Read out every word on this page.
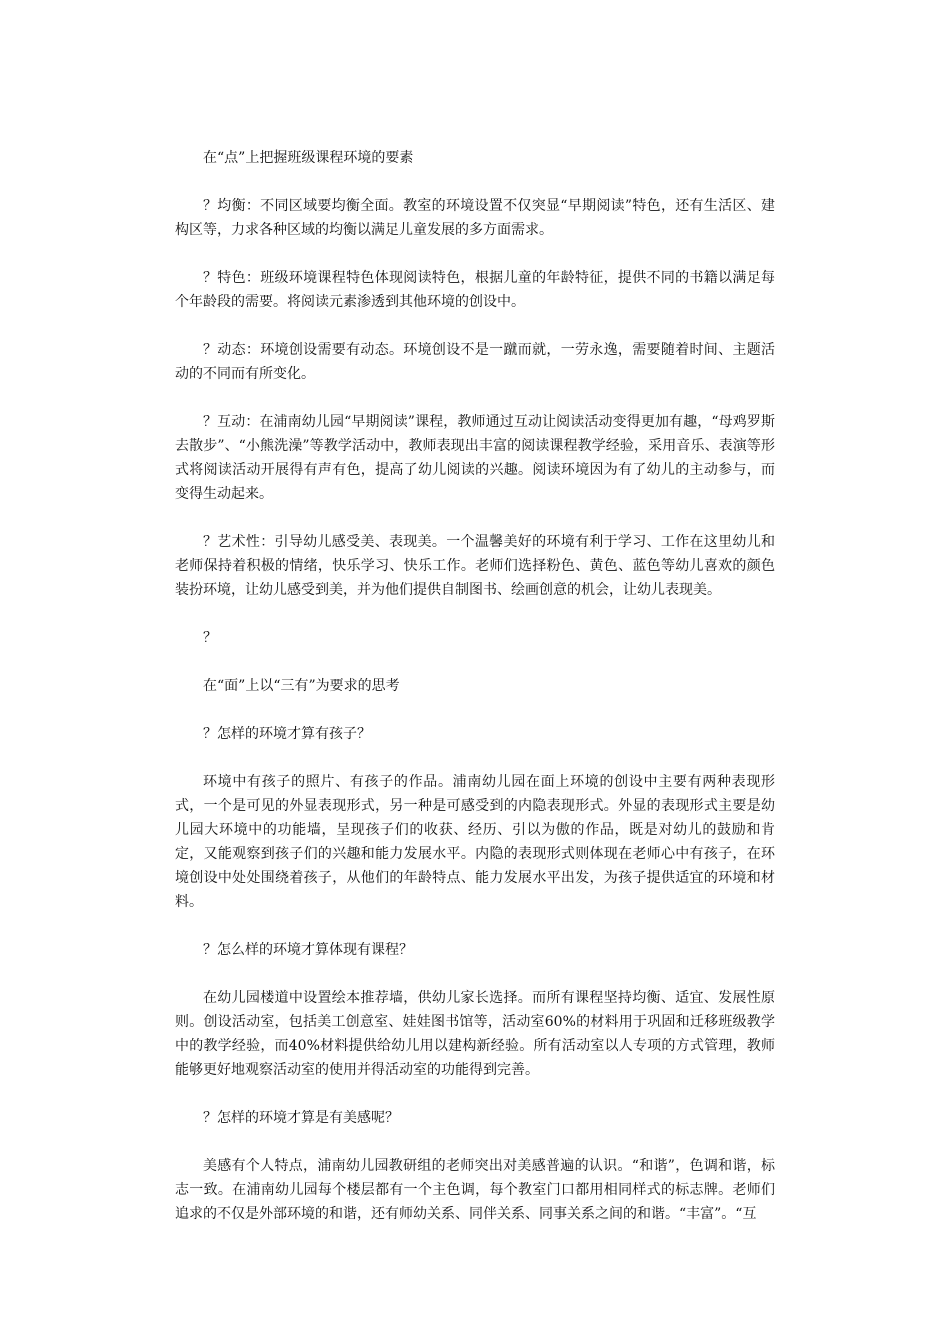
在“点”上把握班级课程环境的要素

？均衡：不同区域要均衡全面。教室的环境设置不仅突显“早期阅读”特色，还有生活区、建构区等，力求各种区域的均衡以满足儿童发展的多方面需求。

？特色：班级环境课程特色体现阅读特色，根据儿童的年龄特征，提供不同的书籍以满足每个年龄段的需要。将阅读元素渗透到其他环境的创设中。

？动态：环境创设需要有动态。环境创设不是一蹴而就，一劳永逸，需要随着时间、主题活动的不同而有所变化。

？互动：在浦南幼儿园“早期阅读”课程，教师通过互动让阅读活动变得更加有趣，“母鸡罗斯去散步”、“小熊洗澡”等教学活动中，教师表现出丰富的阅读课程教学经验，采用音乐、表演等形式将阅读活动开展得有声有色，提高了幼儿阅读的兴趣。阅读环境因为有了幼儿的主动参与，而变得生动起来。

？艺术性：引导幼儿感受美、表现美。一个温馨美好的环境有利于学习、工作在这里幼儿和老师保持着积极的情绪，快乐学习、快乐工作。老师们选择粉色、黄色、蓝色等幼儿喜欢的颜色装扮环境，让幼儿感受到美，并为他们提供自制图书、绘画创意的机会，让幼儿表现美。

？

在“面”上以“三有”为要求的思考

？怎样的环境才算有孩子？

环境中有孩子的照片、有孩子的作品。浦南幼儿园在面上环境的创设中主要有两种表现形式，一个是可见的外显表现形式，另一种是可感受到的内隐表现形式。外显的表现形式主要是幼儿园大环境中的功能墙，呈现孩子们的收获、经历、引以为傲的作品，既是对幼儿的鼓励和肯定，又能观察到孩子们的兴趣和能力发展水平。内隐的表现形式则体现在老师心中有孩子，在环境创设中处处围绕着孩子，从他们的年龄特点、能力发展水平出发，为孩子提供适宜的环境和材料。

？怎么样的环境才算体现有课程？

在幼儿园楼道中设置绘本推荐墙，供幼儿家长选择。而所有课程坚持均衡、适宜、发展性原则。创设活动室，包括美工创意室、娃娃图书馆等，活动室60%的材料用于巩固和迁移班级教学中的教学经验，而40%材料提供给幼儿用以建构新经验。所有活动室以人专项的方式管理，教师能够更好地观察活动室的使用并得活动室的功能得到完善。

？怎样的环境才算是有美感呢？

美感有个人特点，浦南幼儿园教研组的老师突出对美感普遍的认识。“和谐”，色调和谐，标志一致。在浦南幼儿园每个楼层都有一个主色调，每个教室门口都用相同样式的标志牌。老师们追求的不仅是外部环境的和谐，还有师幼关系、同伴关系、同事关系之间的和谐。“丰富”。“互
